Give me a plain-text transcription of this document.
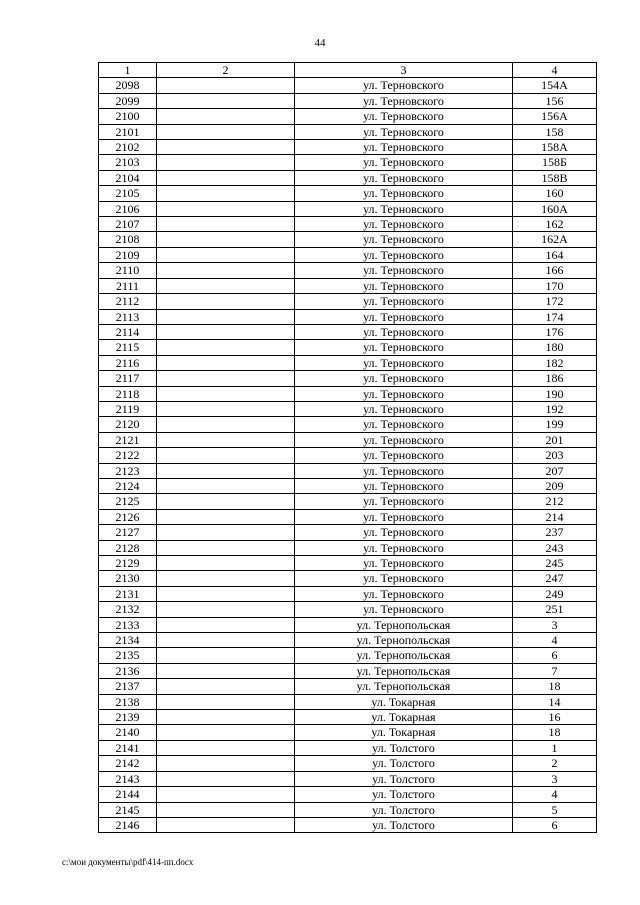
44
1	2	3	4
2098		ул. Терновского	154А
2099		ул. Терновского	156
2100		ул. Терновского	156А
2101		ул. Терновского	158
2102		ул. Терновского	158А
2103		ул. Терновского	158Б
2104		ул. Терновского	158В
2105		ул. Терновского	160
2106		ул. Терновского	160А
2107		ул. Терновского	162
2108		ул. Терновского	162А
2109		ул. Терновского	164
2110		ул. Терновского	166
2111		ул. Терновского	170
2112		ул. Терновского	172
2113		ул. Терновского	174
2114		ул. Терновского	176
2115		ул. Терновского	180
2116		ул. Терновского	182
2117		ул. Терновского	186
2118		ул. Терновского	190
2119		ул. Терновского	192
2120		ул. Терновского	199
2121		ул. Терновского	201
2122		ул. Терновского	203
2123		ул. Терновского	207
2124		ул. Терновского	209
2125		ул. Терновского	212
2126		ул. Терновского	214
2127		ул. Терновского	237
2128		ул. Терновского	243
2129		ул. Терновского	245
2130		ул. Терновского	247
2131		ул. Терновского	249
2132		ул. Терновского	251
2133		ул. Тернопольская	3
2134		ул. Тернопольская	4
2135		ул. Тернопольская	6
2136		ул. Тернопольская	7
2137		ул. Тернопольская	18
2138		ул. Токарная	14
2139		ул. Токарная	16
2140		ул. Токарная	18
2141		ул. Толстого	1
2142		ул. Толстого	2
2143		ул. Толстого	3
2144		ул. Толстого	4
2145		ул. Толстого	5
2146		ул. Толстого	6
c:\мои документы\pdf\414-пп.docx
